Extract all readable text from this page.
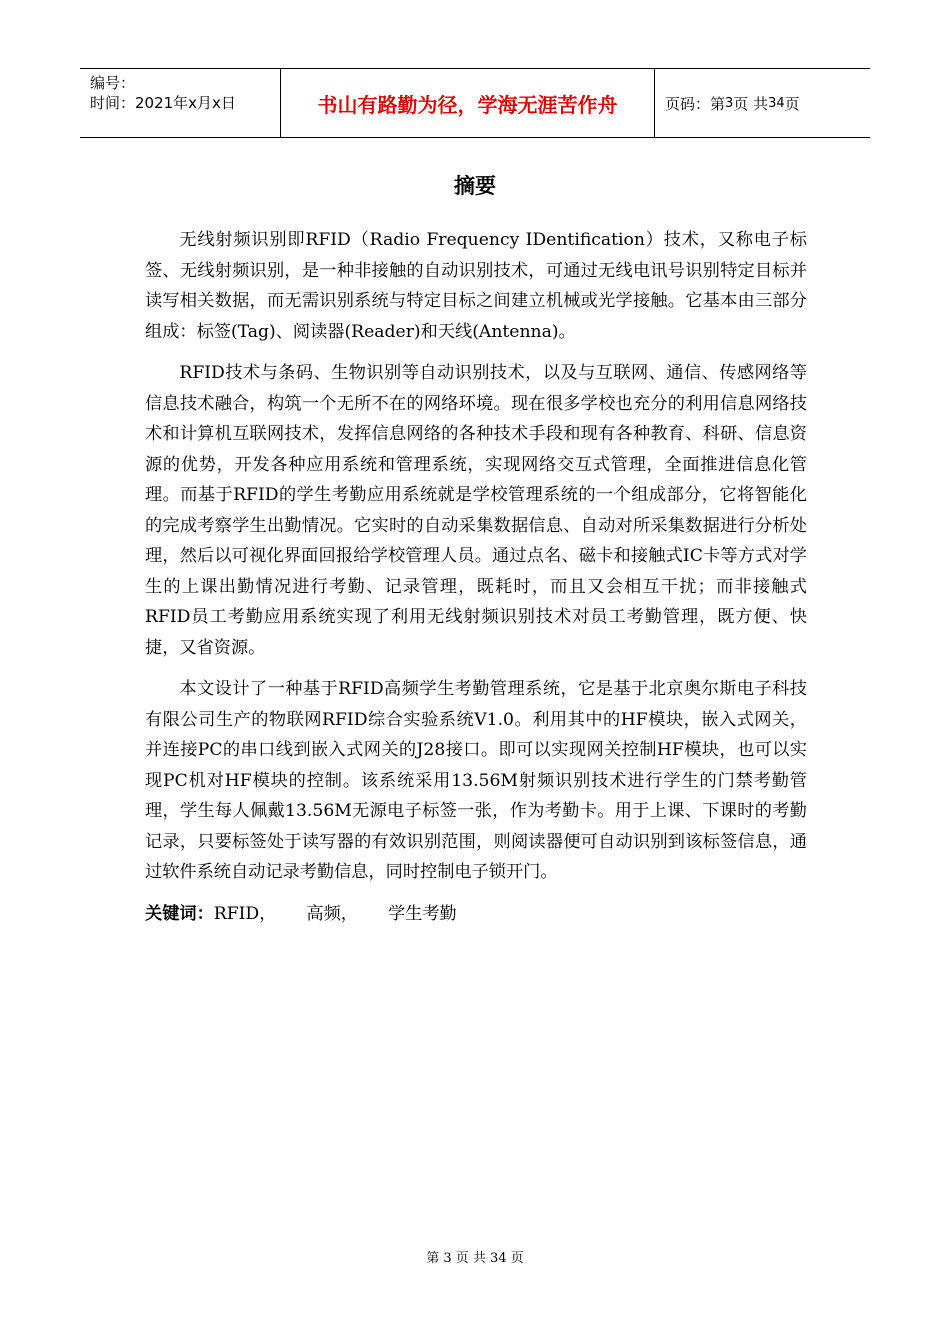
编号：
时间：2021年x月x日	书山有路勤为径，学海无涯苦作舟	页码：第 3 页 共 34 页
摘要

无线射频识别即RFID（Radio Frequency IDentification）技术，又称电子标签、无线射频识别，是一种非接触的自动识别技术，可通过无线电讯号识别特定目标并读写相关数据，而无需识别系统与特定目标之间建立机械或光学接触。它基本由三部分组成：标签(Tag)、阅读器(Reader)和天线(Antenna)。

RFID技术与条码、生物识别等自动识别技术，以及与互联网、通信、传感网络等信息技术融合，构筑一个无所不在的网络环境。现在很多学校也充分的利用信息网络技术和计算机互联网技术，发挥信息网络的各种技术手段和现有各种教育、科研、信息资源的优势，开发各种应用系统和管理系统，实现网络交互式管理，全面推进信息化管理。而基于RFID的学生考勤应用系统就是学校管理系统的一个组成部分，它将智能化的完成考察学生出勤情况。它实时的自动采集数据信息、自动对所采集数据进行分析处理，然后以可视化界面回报给学校管理人员。通过点名、磁卡和接触式IC卡等方式对学生的上课出勤情况进行考勤、记录管理，既耗时，而且又会相互干扰；而非接触式RFID员工考勤应用系统实现了利用无线射频识别技术对员工考勤管理，既方便、快捷，又省资源。

本文设计了一种基于RFID高频学生考勤管理系统，它是基于北京奥尔斯电子科技有限公司生产的物联网RFID综合实验系统V1.0。利用其中的HF模块，嵌入式网关，并连接PC的串口线到嵌入式网关的J28接口。即可以实现网关控制HF模块，也可以实现PC机对HF模块的控制。该系统采用13.56M射频识别技术进行学生的门禁考勤管理，学生每人佩戴13.56M无源电子标签一张，作为考勤卡。用于上课、下课时的考勤记录，只要标签处于读写器的有效识别范围，则阅读器便可自动识别到该标签信息，通过软件系统自动记录考勤信息，同时控制电子锁开门。

关键词：RFID， 高频， 学生考勤
第 3 页 共 34 页
